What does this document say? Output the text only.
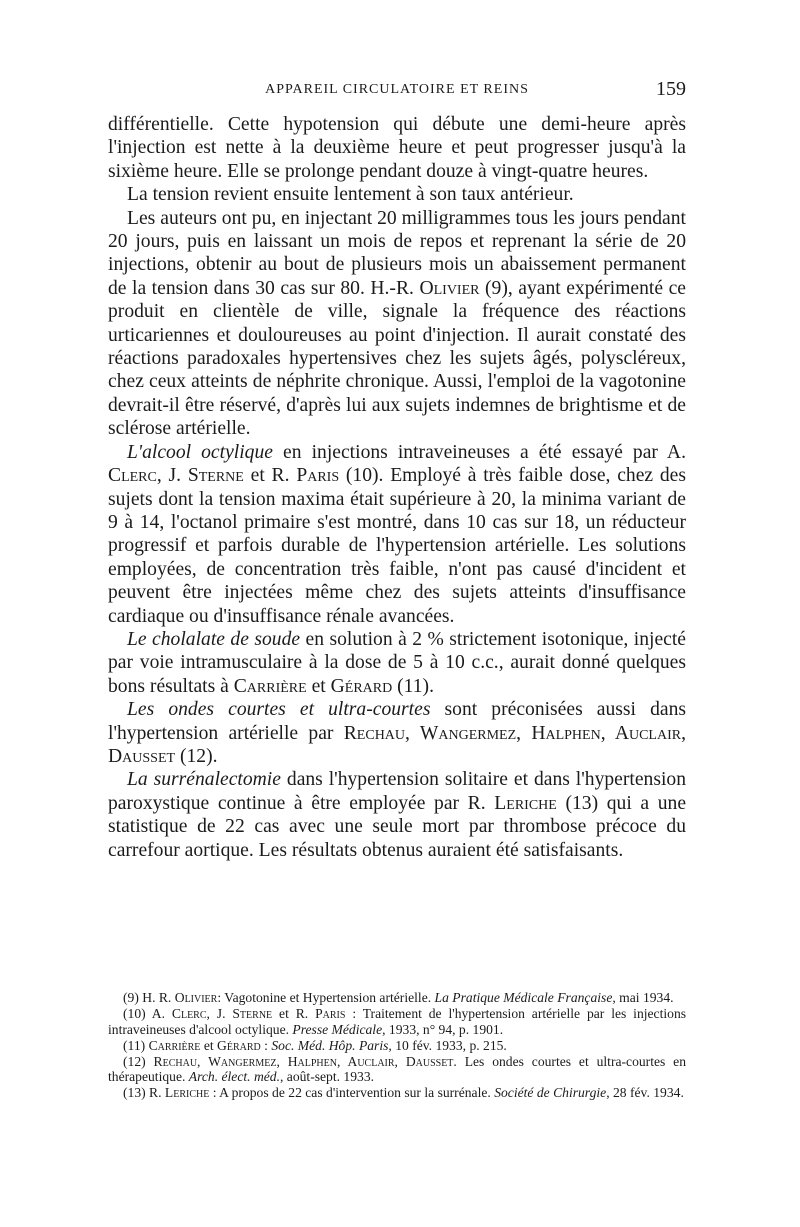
APPAREIL CIRCULATOIRE ET REINS	159

différentielle. Cette hypotension qui débute une demi-heure après l'injection est nette à la deuxième heure et peut progresser jusqu'à la sixième heure. Elle se prolonge pendant douze à vingt-quatre heures.

La tension revient ensuite lentement à son taux antérieur.

Les auteurs ont pu, en injectant 20 milligrammes tous les jours pendant 20 jours, puis en laissant un mois de repos et reprenant la série de 20 injections, obtenir au bout de plusieurs mois un abaissement permanent de la tension dans 30 cas sur 80. H.-R. Olivier (9), ayant expérimenté ce produit en clientèle de ville, signale la fréquence des réactions urticariennes et douloureuses au point d'injection. Il aurait constaté des réactions paradoxales hypertensives chez les sujets âgés, polyscléreux, chez ceux atteints de néphrite chronique. Aussi, l'emploi de la vagotonine devrait-il être réservé, d'après lui aux sujets indemnes de brightisme et de sclérose artérielle.

L'alcool octylique en injections intraveineuses a été essayé par A. Clerc, J. Sterne et R. Paris (10). Employé à très faible dose, chez des sujets dont la tension maxima était supérieure à 20, la minima variant de 9 à 14, l'octanol primaire s'est montré, dans 10 cas sur 18, un réducteur progressif et parfois durable de l'hypertension artérielle. Les solutions employées, de concentration très faible, n'ont pas causé d'incident et peuvent être injectées même chez des sujets atteints d'insuffisance cardiaque ou d'insuffisance rénale avancées.

Le cholalate de soude en solution à 2 % strictement isotonique, injecté par voie intramusculaire à la dose de 5 à 10 c.c., aurait donné quelques bons résultats à Carrière et Gérard (11).

Les ondes courtes et ultra-courtes sont préconisées aussi dans l'hypertension artérielle par Rechau, Wangermez, Halphen, Auclair, Dausset (12).

La surrénalectomie dans l'hypertension solitaire et dans l'hypertension paroxystique continue à être employée par R. Leriche (13) qui a une statistique de 22 cas avec une seule mort par thrombose précoce du carrefour aortique. Les résultats obtenus auraient été satisfaisants.

(9) H. R. Olivier: Vagotonine et Hypertension artérielle. La Pratique Médicale Française, mai 1934.

(10) A. Clerc, J. Sterne et R. Paris : Traitement de l'hypertension artérielle par les injections intraveineuses d'alcool octylique. Presse Médicale, 1933, n° 94, p. 1901.

(11) Carrière et Gérard : Soc. Méd. Hôp. Paris, 10 fév. 1933, p. 215.

(12) Rechau, Wangermez, Halphen, Auclair, Dausset. Les ondes courtes et ultra-courtes en thérapeutique. Arch. élect. méd., août-sept. 1933.

(13) R. Leriche : A propos de 22 cas d'intervention sur la surrénale. Société de Chirurgie, 28 fév. 1934.
